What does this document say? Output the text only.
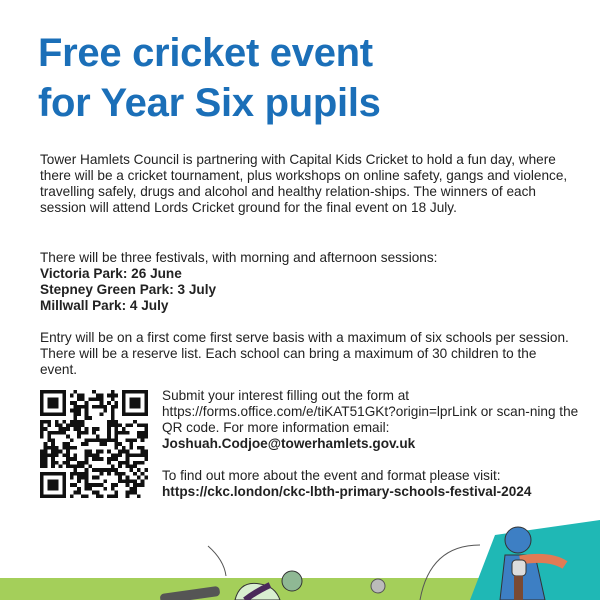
Free cricket event
for Year Six pupils

Tower Hamlets Council is partnering with Capital Kids Cricket to hold a fun day, where there will be a cricket tournament, plus workshops on online safety, gangs and violence, travelling safely, drugs and alcohol and healthy relation-ships. The winners of each session will attend Lords Cricket ground for the final event on 18 July.

There will be three festivals, with morning and afternoon sessions:
Victoria Park: 26 June
Stepney Green Park: 3 July
Millwall Park: 4 July

Entry will be on a first come first serve basis with a maximum of six schools per session. There will be a reserve list. Each school can bring a maximum of 30 children to the event.

Submit your interest filling out the form at https://forms.office.com/e/tiKAT51GKt?origin=lprLink or scan-ning the QR code. For more information email:
Joshuah.Codjoe@towerhamlets.gov.uk

To find out more about the event and format please visit:
https://ckc.london/ckc-lbth-primary-schools-festival-2024
